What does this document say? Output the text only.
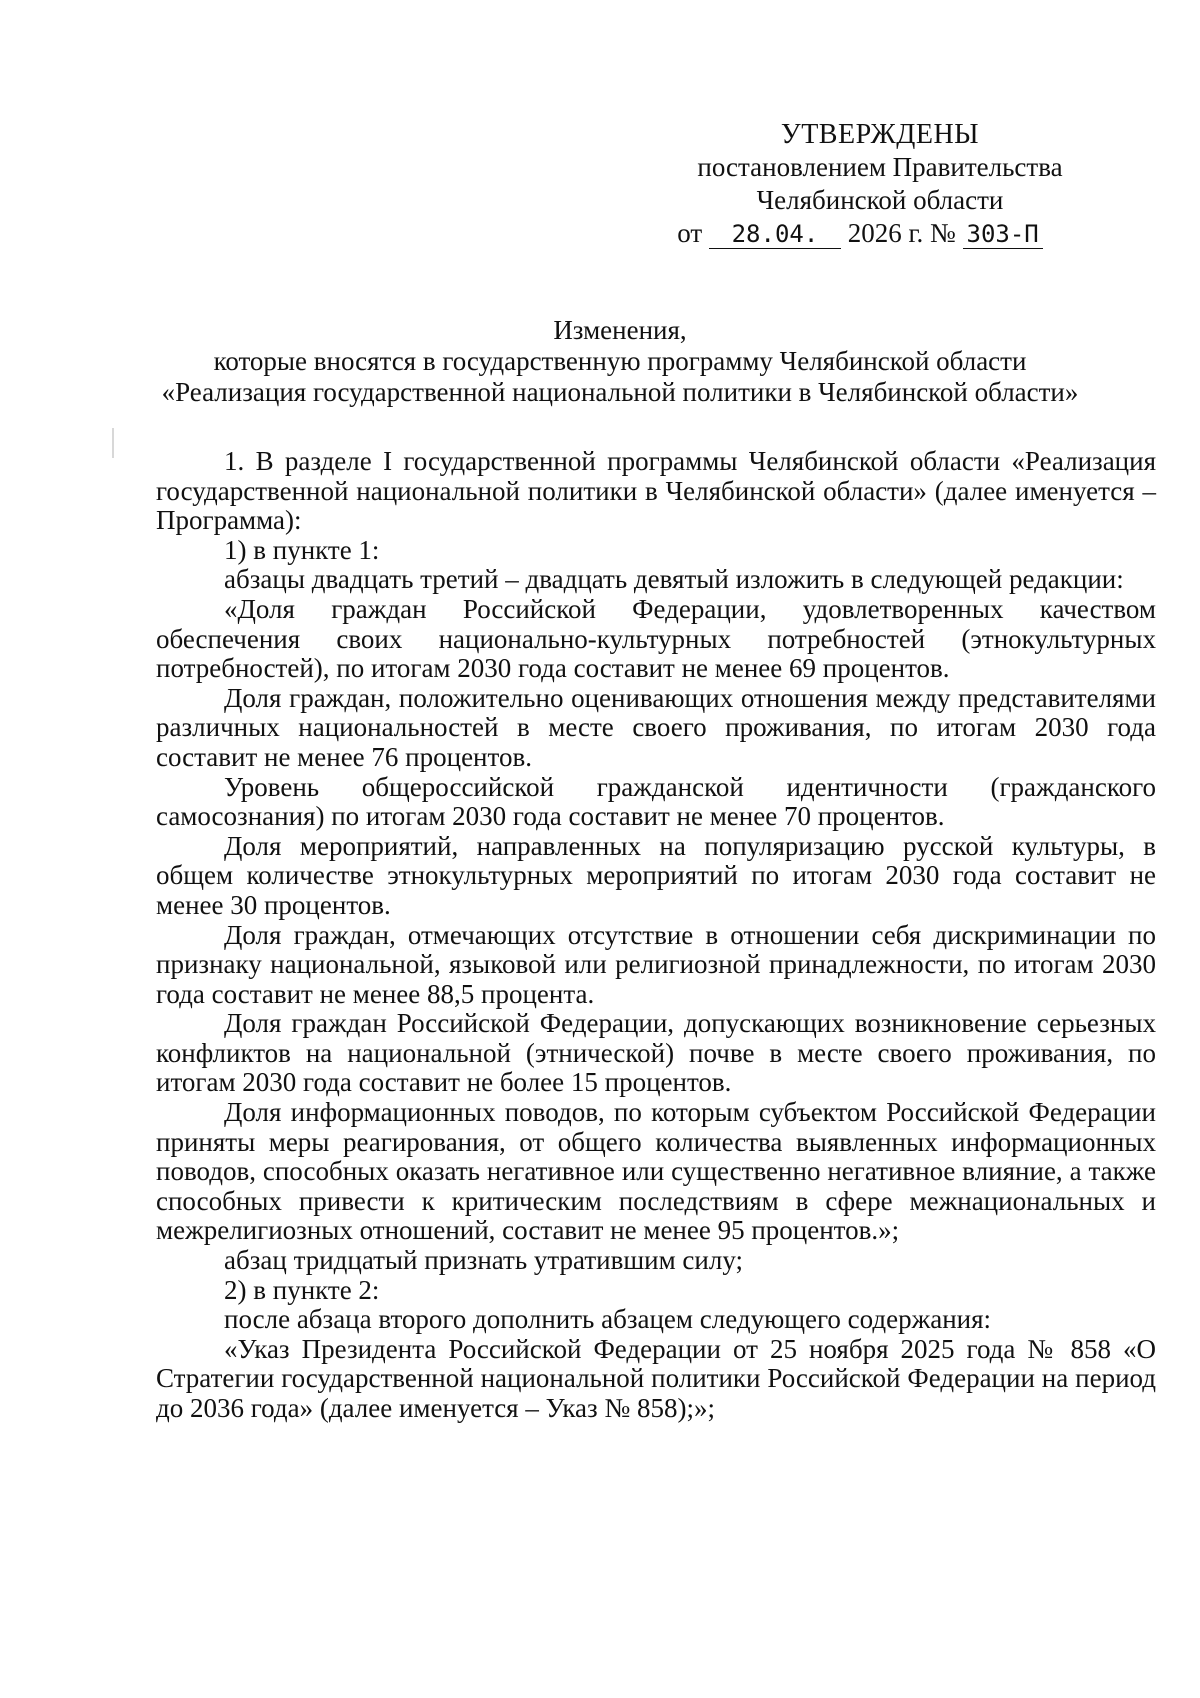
УТВЕРЖДЕНЫ
постановлением Правительства
Челябинской области
от 28.04. 2026 г. № 303-П
Изменения,
которые вносятся в государственную программу Челябинской области
«Реализация государственной национальной политики в Челябинской области»

1. В разделе I государственной программы Челябинской области «Реализация государственной национальной политики в Челябинской области» (далее именуется – Программа):

1) в пункте 1:

абзацы двадцать третий – двадцать девятый изложить в следующей редакции:

«Доля граждан Российской Федерации, удовлетворенных качеством обеспечения своих национально-культурных потребностей (этнокультурных потребностей), по итогам 2030 года составит не менее 69 процентов.

Доля граждан, положительно оценивающих отношения между представителями различных национальностей в месте своего проживания, по итогам 2030 года составит не менее 76 процентов.

Уровень общероссийской гражданской идентичности (гражданского самосознания) по итогам 2030 года составит не менее 70 процентов.

Доля мероприятий, направленных на популяризацию русской культуры, в общем количестве этнокультурных мероприятий по итогам 2030 года составит не менее 30 процентов.

Доля граждан, отмечающих отсутствие в отношении себя дискриминации по признаку национальной, языковой или религиозной принадлежности, по итогам 2030 года составит не менее 88,5 процента.

Доля граждан Российской Федерации, допускающих возникновение серьезных конфликтов на национальной (этнической) почве в месте своего проживания, по итогам 2030 года составит не более 15 процентов.

Доля информационных поводов, по которым субъектом Российской Федерации приняты меры реагирования, от общего количества выявленных информационных поводов, способных оказать негативное или существенно негативное влияние, а также способных привести к критическим последствиям в сфере межнациональных и межрелигиозных отношений, составит не менее 95 процентов.»;

абзац тридцатый признать утратившим силу;

2) в пункте 2:

после абзаца второго дополнить абзацем следующего содержания:

«Указ Президента Российской Федерации от 25 ноября 2025 года № 858 «О Стратегии государственной национальной политики Российской Федерации на период до 2036 года» (далее именуется – Указ № 858);»;
